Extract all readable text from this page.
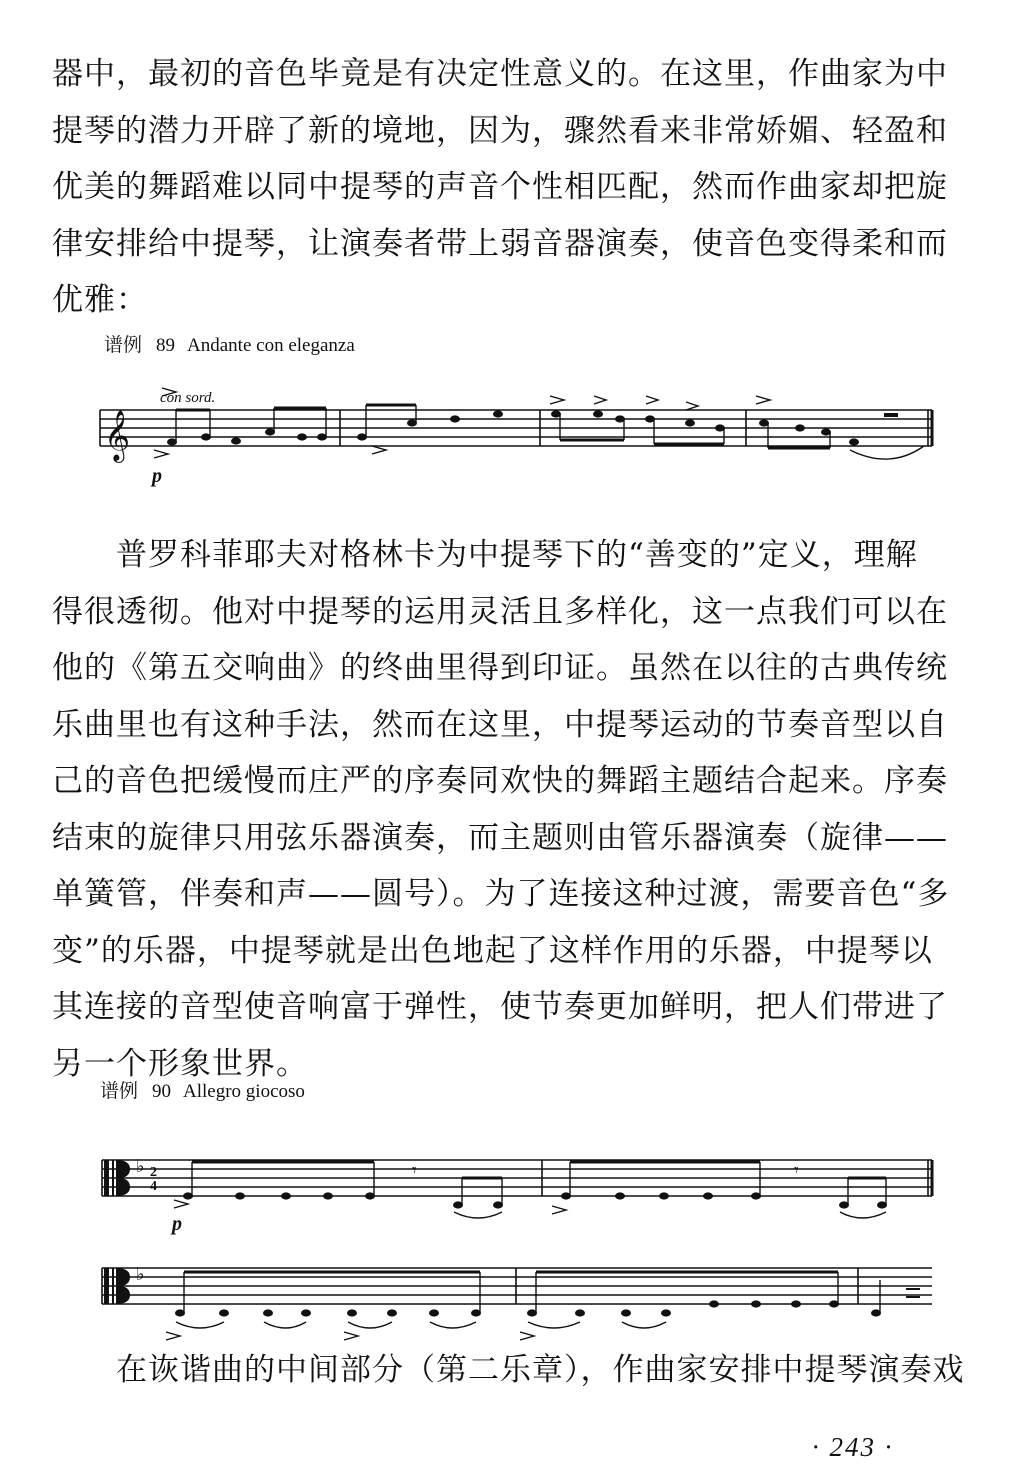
器中，最初的音色毕竟是有决定性意义的。在这里，作曲家为中
提琴的潜力开辟了新的境地，因为，骤然看来非常娇媚、轻盈和
优美的舞蹈难以同中提琴的声音个性相匹配，然而作曲家却把旋
律安排给中提琴，让演奏者带上弱音器演奏，使音色变得柔和而
优雅：
谱例 89 Andante con eleganza
𝄞
con sord.
p
　　普罗科菲耶夫对格林卡为中提琴下的“善变的”定义，理解
得很透彻。他对中提琴的运用灵活且多样化，这一点我们可以在
他的《第五交响曲》的终曲里得到印证。虽然在以往的古典传统
乐曲里也有这种手法，然而在这里，中提琴运动的节奏音型以自
己的音色把缓慢而庄严的序奏同欢快的舞蹈主题结合起来。序奏
结束的旋律只用弦乐器演奏，而主题则由管乐器演奏（旋律——
单簧管，伴奏和声——圆号）。为了连接这种过渡，需要音色“多
变”的乐器，中提琴就是出色地起了这样作用的乐器，中提琴以
其连接的音型使音响富于弹性，使节奏更加鲜明，把人们带进了
另一个形象世界。
谱例 90 Allegro giocoso
♭
♭
2
4
𝄾	𝄾
p
　　在诙谐曲的中间部分（第二乐章），作曲家安排中提琴演奏戏
· 243 ·
